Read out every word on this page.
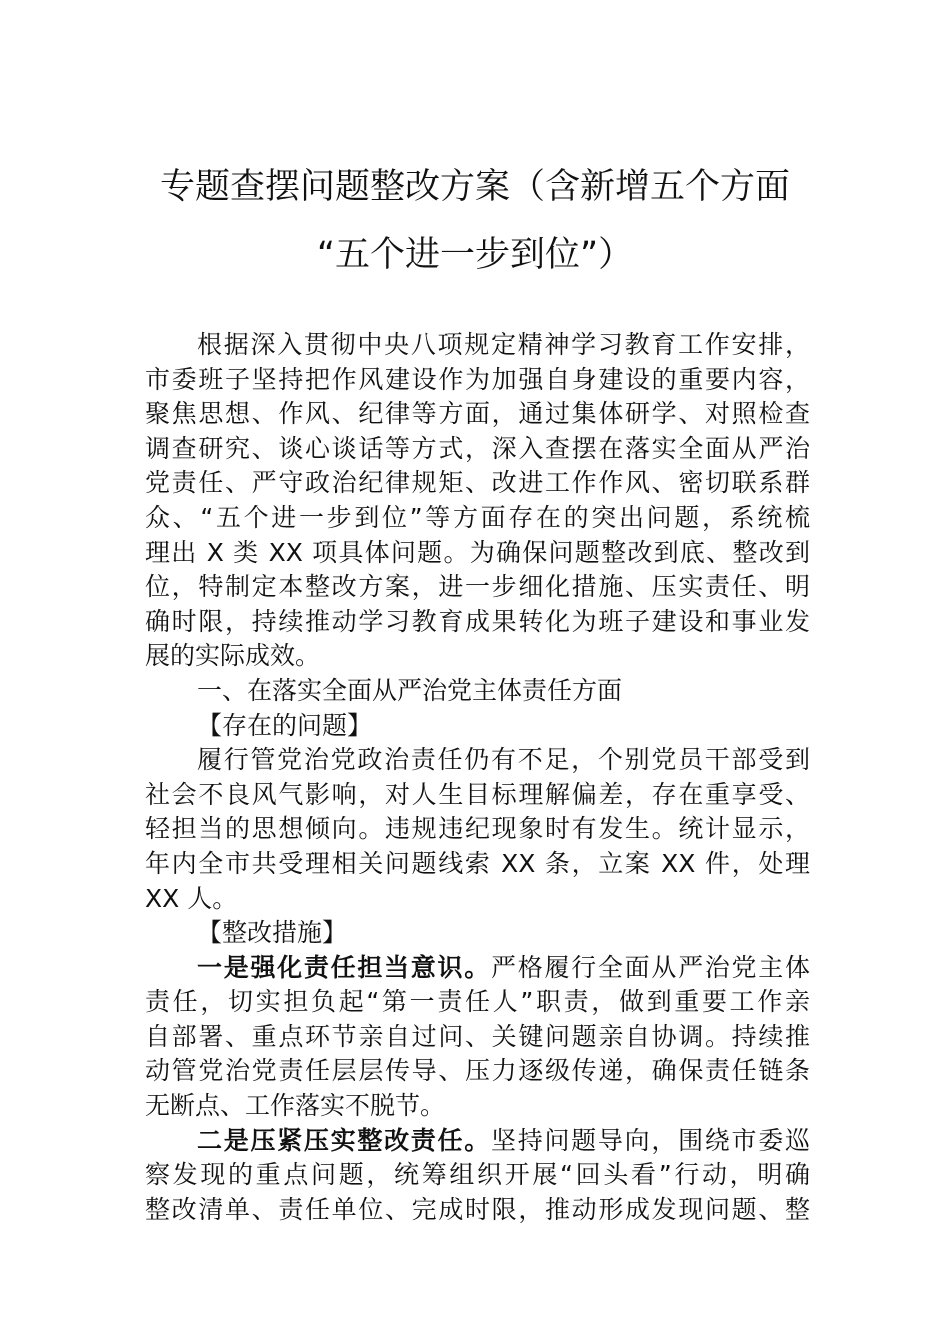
专题查摆问题整改方案（含新增五个方面
“五个进一步到位”）
根据深入贯彻中央八项规定精神学习教育工作安排，
市委班子坚持把作风建设作为加强自身建设的重要内容，
聚焦思想、作风、纪律等方面，通过集体研学、对照检查
调查研究、谈心谈话等方式，深入查摆在落实全面从严治
党责任、严守政治纪律规矩、改进工作作风、密切联系群
众、“五个进一步到位”等方面存在的突出问题，系统梳
理出 X 类 XX 项具体问题。为确保问题整改到底、整改到
位，特制定本整改方案，进一步细化措施、压实责任、明
确时限，持续推动学习教育成果转化为班子建设和事业发
展的实际成效。
一、在落实全面从严治党主体责任方面
【存在的问题】
履行管党治党政治责任仍有不足，个别党员干部受到
社会不良风气影响，对人生目标理解偏差，存在重享受、
轻担当的思想倾向。违规违纪现象时有发生。统计显示，
年内全市共受理相关问题线索 XX 条，立案 XX 件，处理
XX 人。
【整改措施】
一是强化责任担当意识。严格履行全面从严治党主体
责任，切实担负起“第一责任人”职责，做到重要工作亲
自部署、重点环节亲自过问、关键问题亲自协调。持续推
动管党治党责任层层传导、压力逐级传递，确保责任链条
无断点、工作落实不脱节。
二是压紧压实整改责任。坚持问题导向，围绕市委巡
察发现的重点问题，统筹组织开展“回头看”行动，明确
整改清单、责任单位、完成时限，推动形成发现问题、整
